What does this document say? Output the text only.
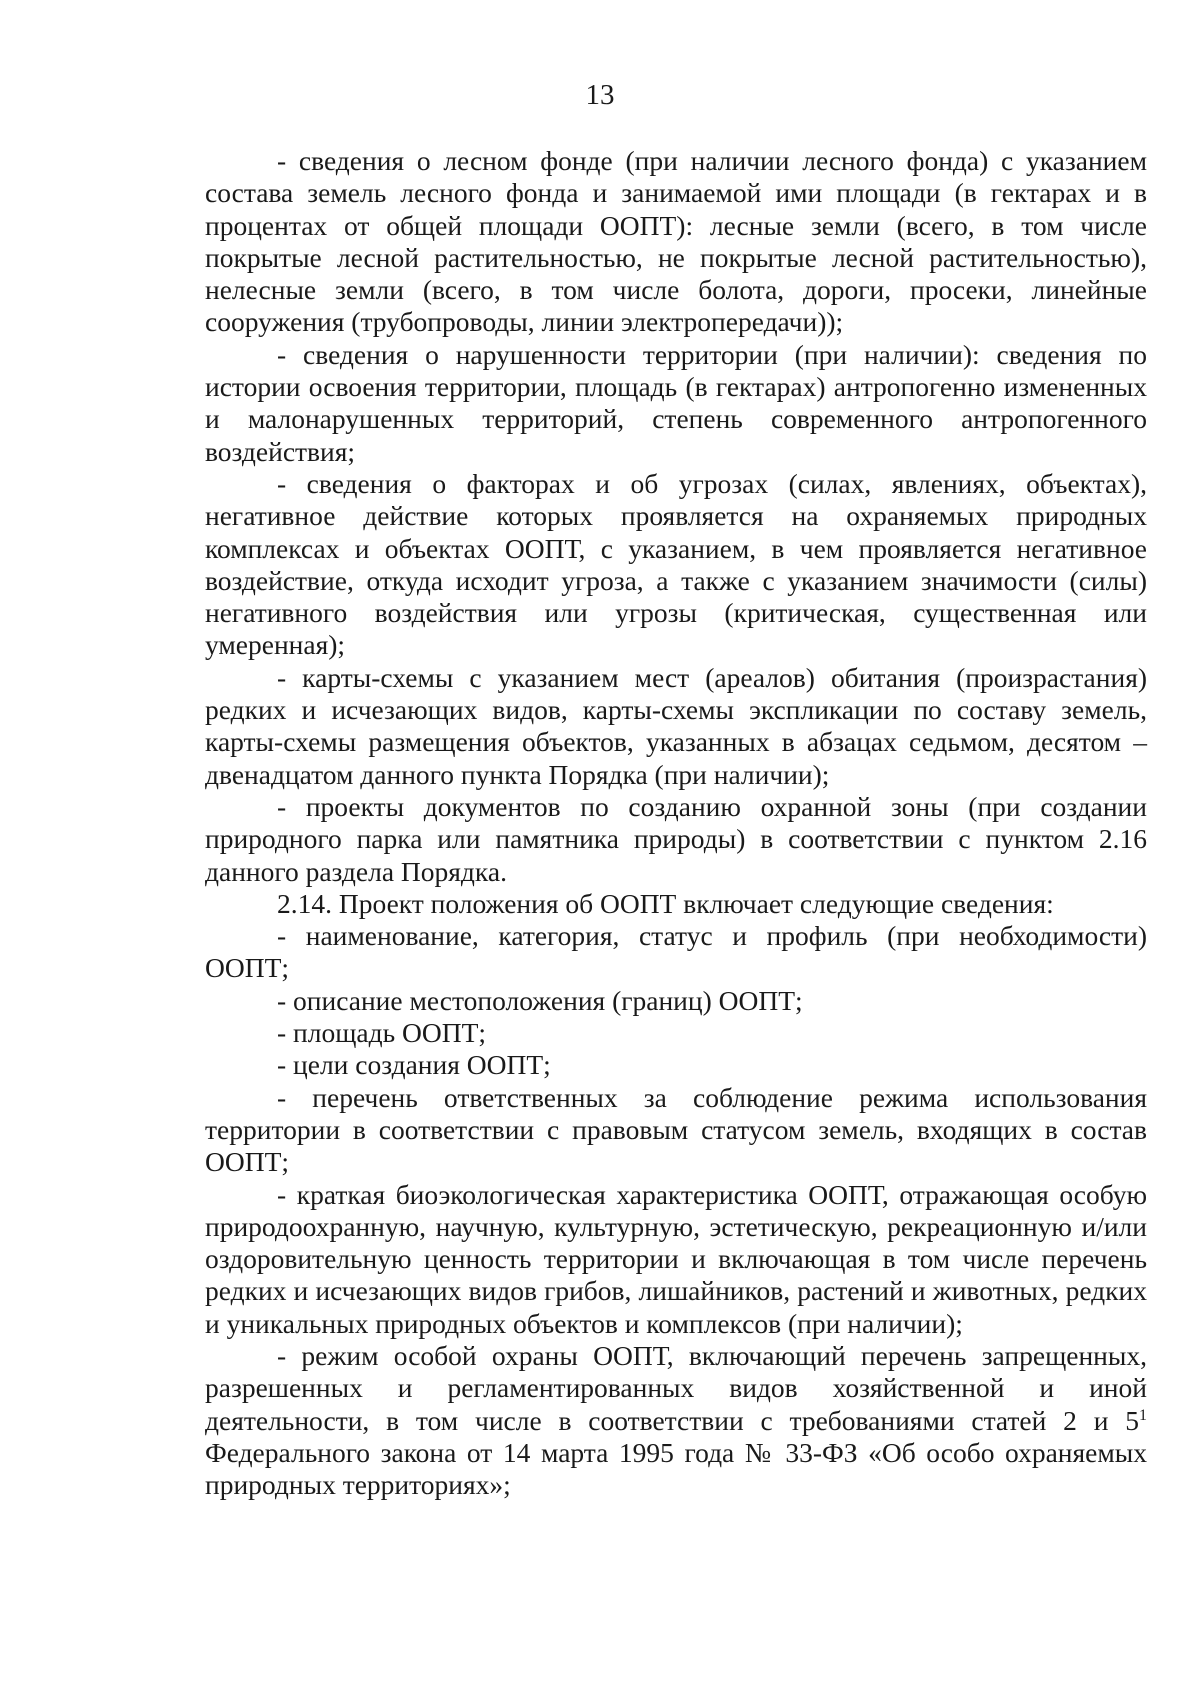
13

- сведения о лесном фонде (при наличии лесного фонда) с указанием состава земель лесного фонда и занимаемой ими площади (в гектарах и в процентах от общей площади ООПТ): лесные земли (всего, в том числе покрытые лесной растительностью, не покрытые лесной растительностью), нелесные земли (всего, в том числе болота, дороги, просеки, линейные сооружения (трубопроводы, линии электропередачи));

- сведения о нарушенности территории (при наличии): сведения по истории освоения территории, площадь (в гектарах) антропогенно измененных и малонарушенных территорий, степень современного антропогенного воздействия;

- сведения о факторах и об угрозах (силах, явлениях, объектах), негативное действие которых проявляется на охраняемых природных комплексах и объектах ООПТ, с указанием, в чем проявляется негативное воздействие, откуда исходит угроза, а также с указанием значимости (силы) негативного воздействия или угрозы (критическая, существенная или умеренная);

- карты-схемы с указанием мест (ареалов) обитания (произрастания) редких и исчезающих видов, карты-схемы экспликации по составу земель, карты-схемы размещения объектов, указанных в абзацах седьмом, десятом – двенадцатом данного пункта Порядка (при наличии);

- проекты документов по созданию охранной зоны (при создании природного парка или памятника природы) в соответствии с пунктом 2.16 данного раздела Порядка.

2.14. Проект положения об ООПТ включает следующие сведения:

- наименование, категория, статус и профиль (при необходимости) ООПТ;

- описание местоположения (границ) ООПТ;

- площадь ООПТ;

- цели создания ООПТ;

- перечень ответственных за соблюдение режима использования территории в соответствии с правовым статусом земель, входящих в состав ООПТ;

- краткая биоэкологическая характеристика ООПТ, отражающая особую природоохранную, научную, культурную, эстетическую, рекреационную и/или оздоровительную ценность территории и включающая в том числе перечень редких и исчезающих видов грибов, лишайников, растений и животных, редких и уникальных природных объектов и комплексов (при наличии);

- режим особой охраны ООПТ, включающий перечень запрещенных, разрешенных и регламентированных видов хозяйственной и иной деятельности, в том числе в соответствии с требованиями статей 2 и $5^1$ Федерального закона от 14 марта 1995 года № 33-ФЗ «Об особо охраняемых природных территориях»;
